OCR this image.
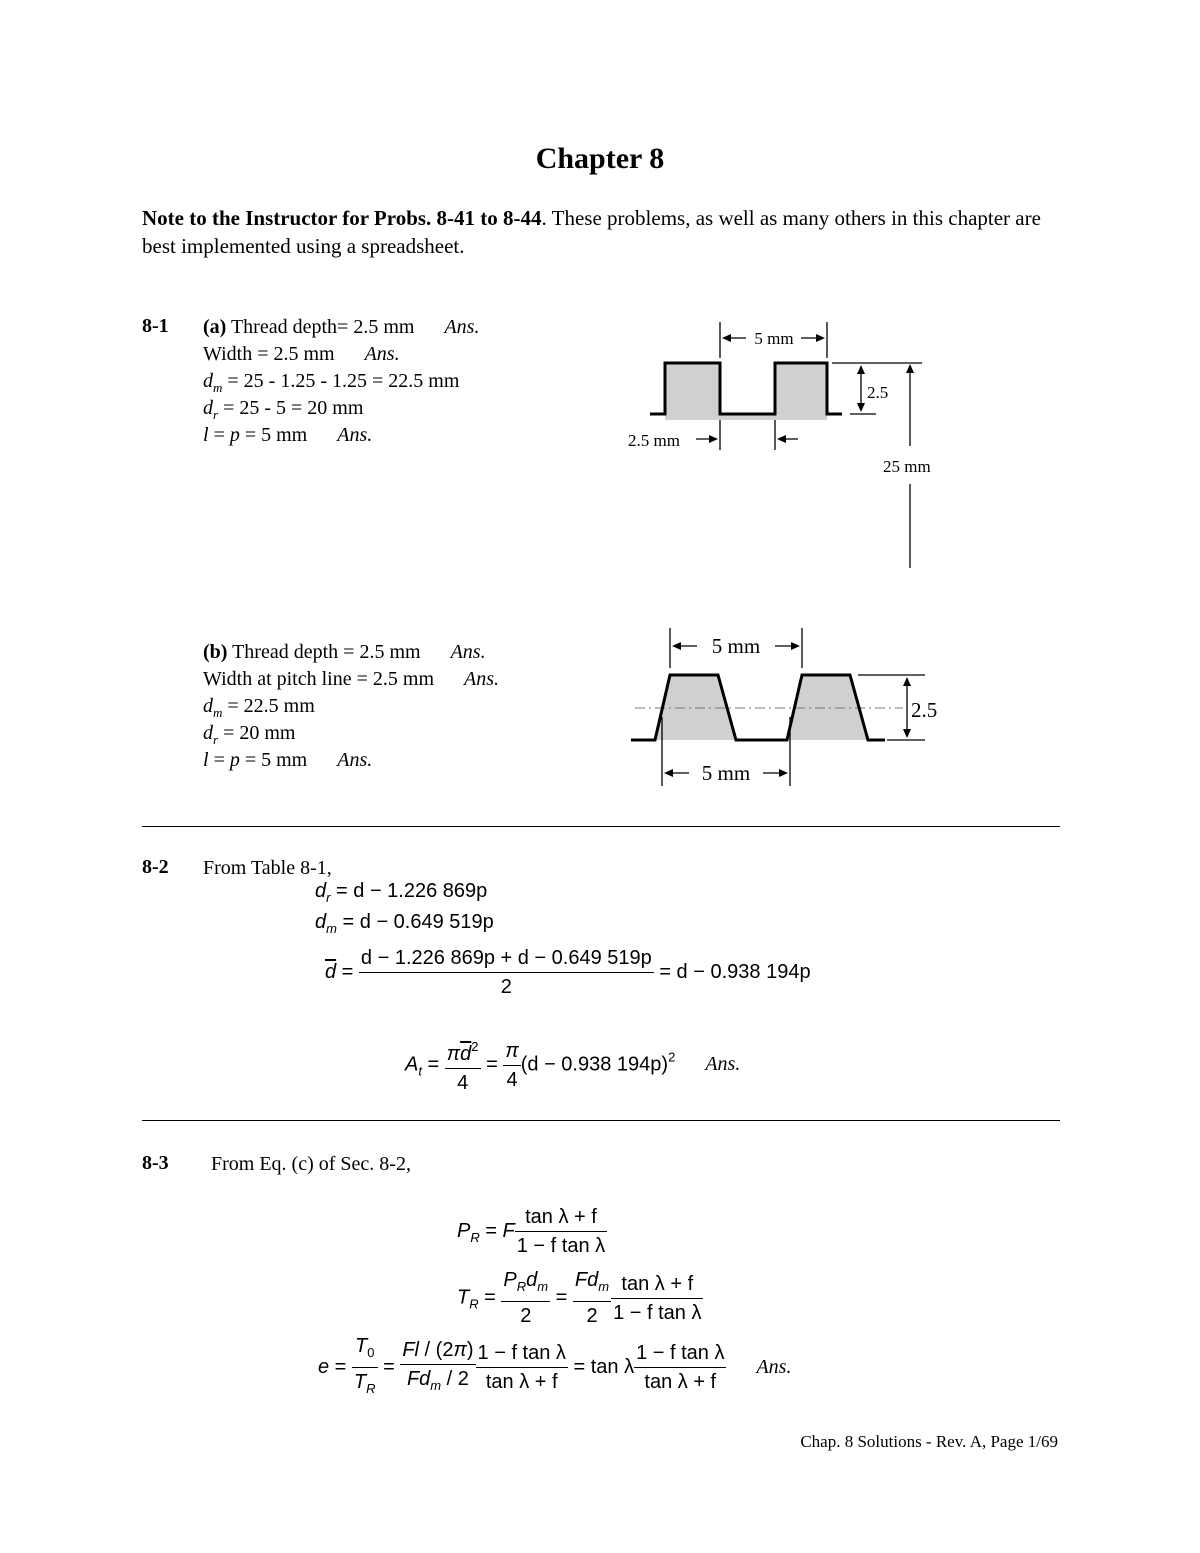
Chapter 8
Note to the Instructor for Probs. 8-41 to 8-44. These problems, as well as many others in this chapter are best implemented using a spreadsheet.
8-1 (a) Thread depth= 2.5 mm Ans.
Width = 2.5 mm Ans.
$d_m = 25 - 1.25 - 1.25 = 22.5$ mm
$d_r = 25 - 5 = 20$ mm
l = p = 5 mm Ans.
5 mm
2.5
2.5 mm
25 mm
(b) Thread depth = 2.5 mm Ans.
Width at pitch line = 2.5 mm Ans.
$d_m = 22.5$ mm
$d_r = 20$ mm
l = p = 5 mm Ans.
5 mm
2.5
5 mm
8-2 From Table 8-1,
$d_r = d - 1.226$ 869p
$d_m = d - 0.649$ 519p
$\overline{d} = \frac{d - 1.226 869p + d - 0.649 519p}{2} = d - 0.938$ 194p
$A_t = \frac{\pi\overline{d}^2}{4} = \frac{\pi}{4} (d - 0.938$ 194p)$^2$ Ans.
8-3 From Eq. (c) of Sec. 8-2,
$P_R = F \frac{\text{tan λ + f}}{\text{1 − f tan λ}}$
$T_R = \frac{P_Rd_m}{2} = \frac{Fd_m}{2} \frac{\text{tan λ + f}}{\text{1 − f tan λ}}$
$e = \frac{T_0}{T_R} = \frac{Fl / (2\pi)}{Fd_m / 2} \frac{\text{1 − f tan λ}}{\text{tan λ + f}} = \tan \lambda \frac{\text{1 − f tan λ}}{\text{tan λ + f}}$ Ans.
Chap. 8 Solutions - Rev. A, Page 1/69
